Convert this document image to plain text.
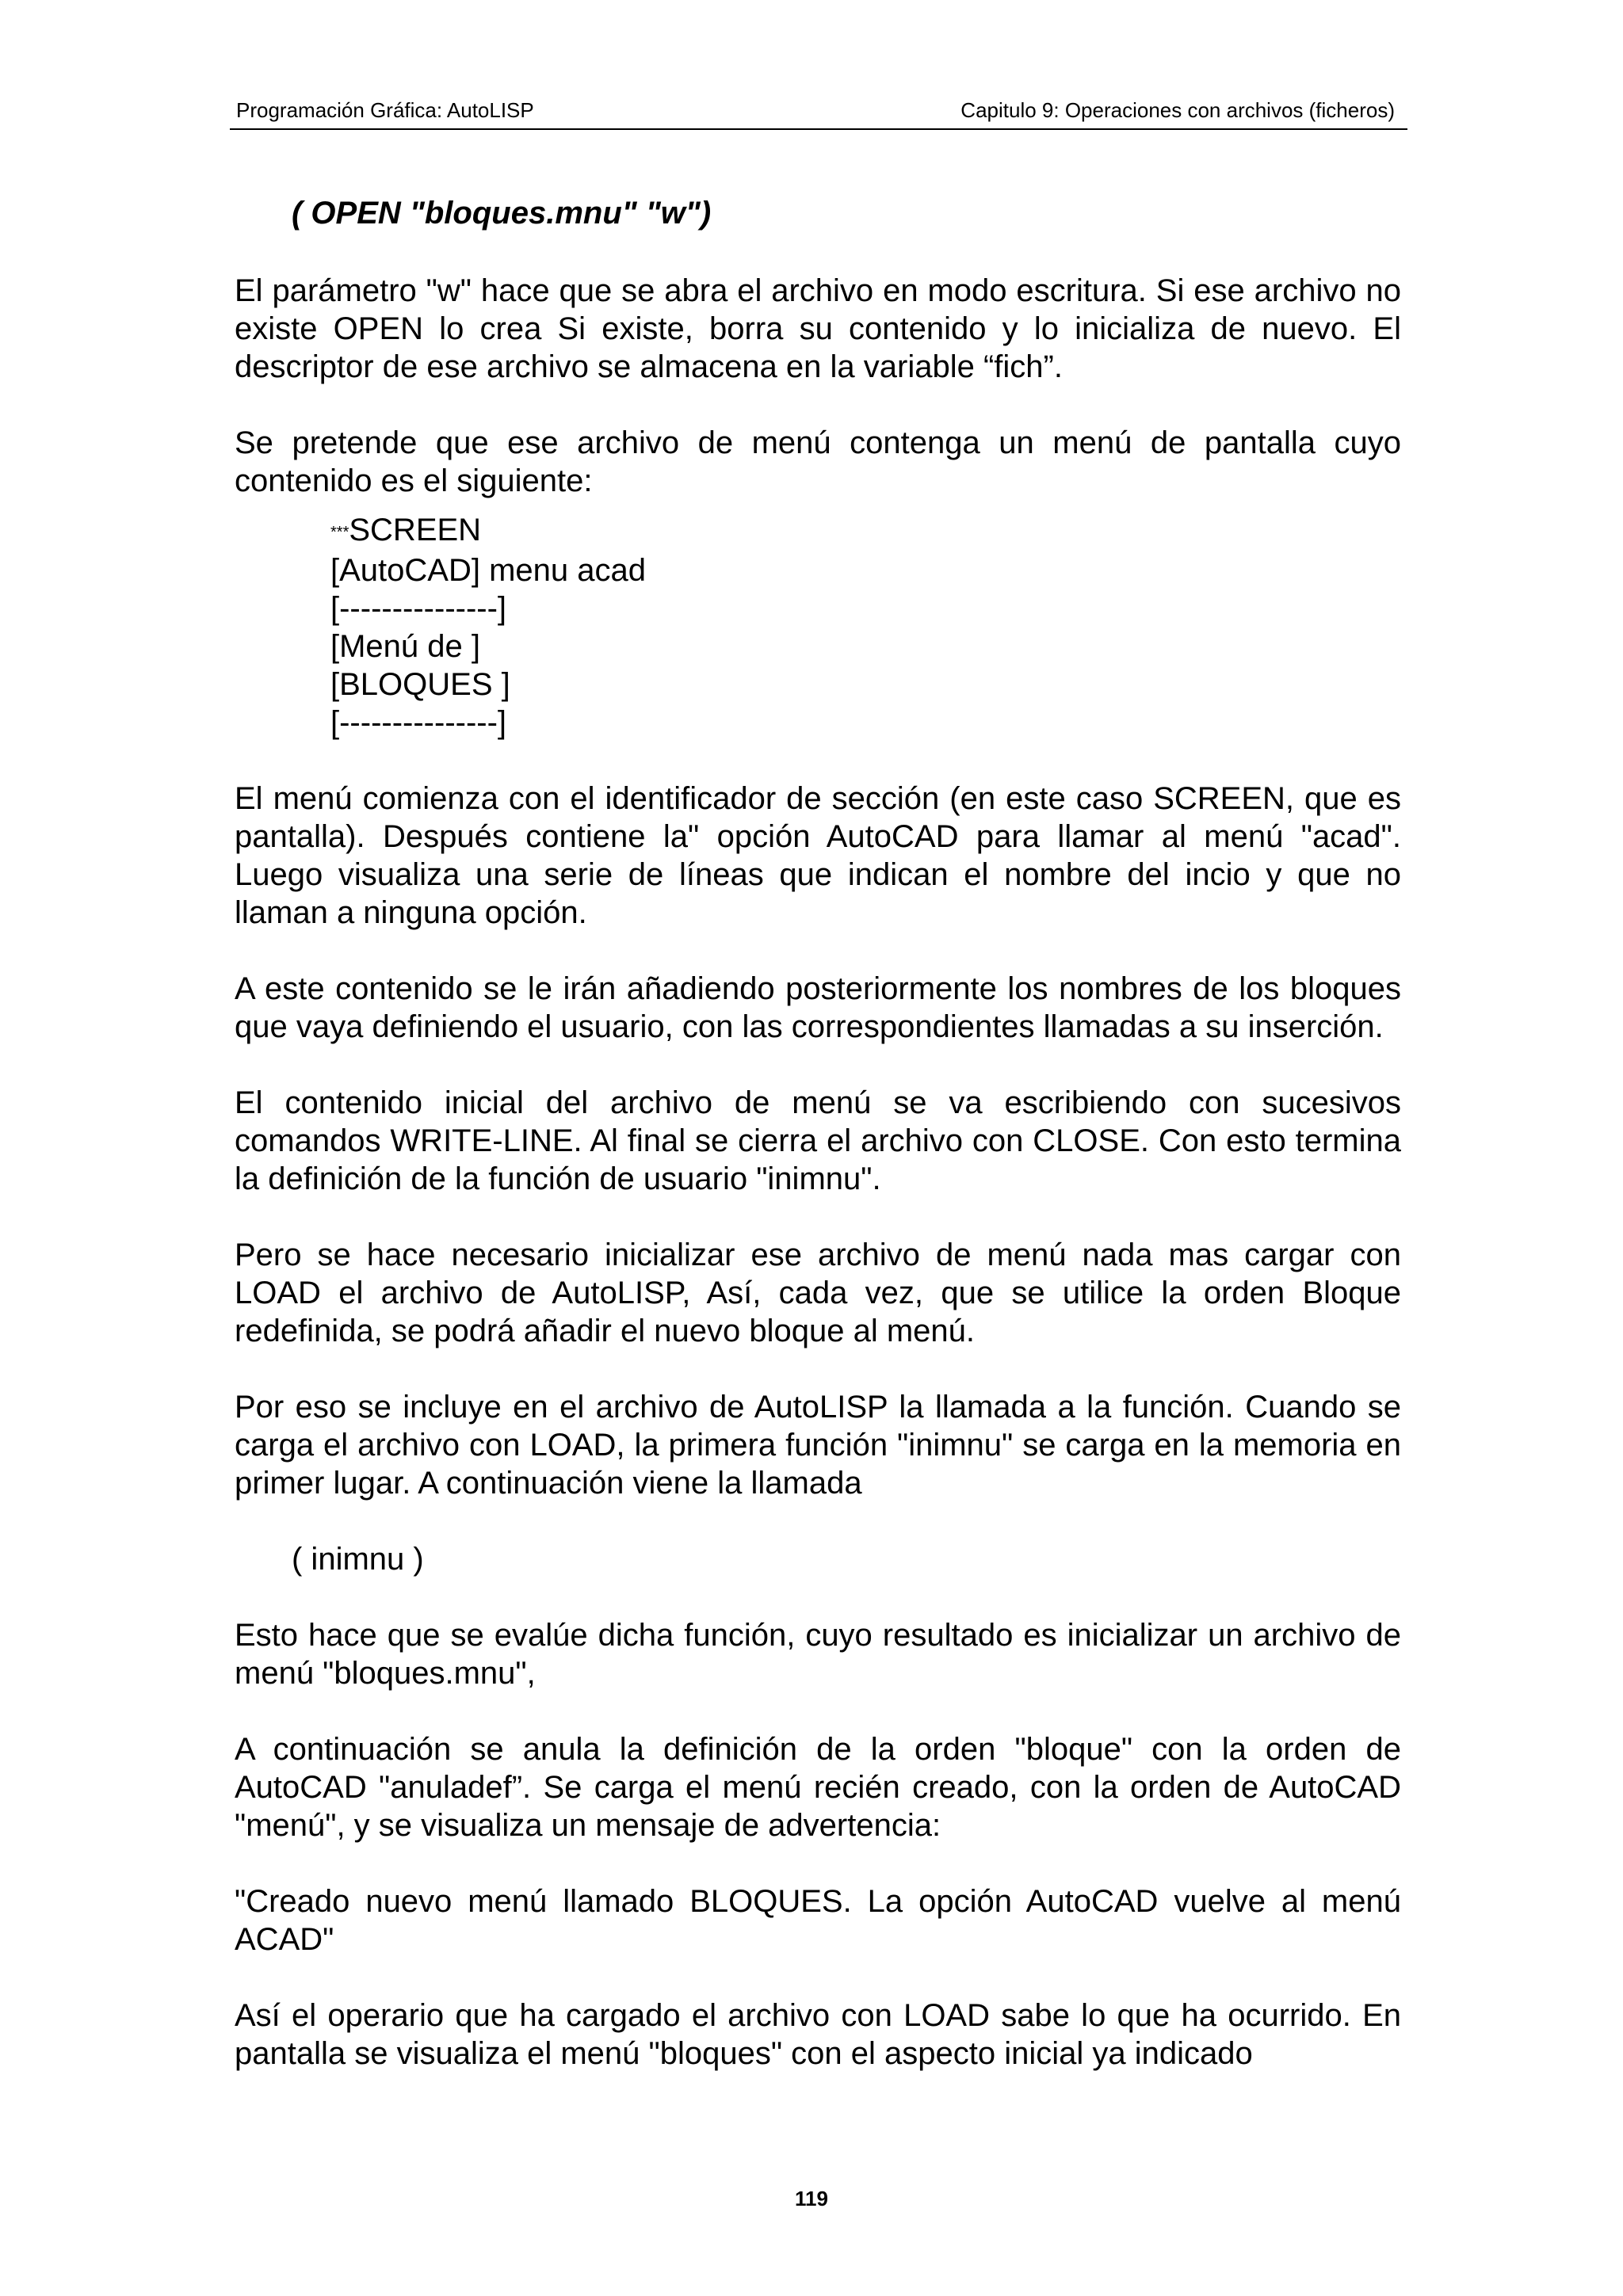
Programación Gráfica: AutoLISP	Capitulo 9: Operaciones con archivos (ficheros)
( OPEN "bloques.mnu" "w")

El parámetro "w" hace que se abra el archivo en modo escritura. Si ese archivo no existe OPEN lo crea Si existe, borra su contenido y lo inicializa de nuevo. El descriptor de ese archivo se almacena en la variable “fich”.

Se pretende que ese archivo de menú contenga un menú de pantalla cuyo contenido es el siguiente:

***SCREEN
[AutoCAD] menu acad
[---------------]
[Menú de ]
[BLOQUES ]
[---------------]

El menú comienza con el identificador de sección (en este caso SCREEN, que es pantalla). Después contiene la" opción AutoCAD para llamar al menú "acad". Luego visualiza una serie de líneas que indican el nombre del incio y que no llaman a ninguna opción.

A este contenido se le irán añadiendo posteriormente los nombres de los bloques que vaya definiendo el usuario, con las correspondientes llamadas a su inserción.

El contenido inicial del archivo de menú se va escribiendo con sucesivos comandos WRITE-LINE. Al final se cierra el archivo con CLOSE. Con esto termina la definición de la función de usuario "inimnu".

Pero se hace necesario inicializar ese archivo de menú nada mas cargar con LOAD el archivo de AutoLISP, Así, cada vez, que se utilice la orden Bloque redefinida, se podrá añadir el nuevo bloque al menú.

Por eso se incluye en el archivo de AutoLISP la llamada a la función. Cuando se carga el archivo con LOAD, la primera función "inimnu" se carga en la memoria en primer lugar. A continuación viene la llamada

( inimnu )

Esto hace que se evalúe dicha función, cuyo resultado es inicializar un archivo de menú "bloques.mnu",

A continuación se anula la definición de la orden "bloque" con la orden de AutoCAD "anuladef”. Se carga el menú recién creado, con la orden de AutoCAD "menú", y se visualiza un mensaje de advertencia:

"Creado nuevo menú llamado BLOQUES. La opción AutoCAD vuelve al menú ACAD"

Así el operario que ha cargado el archivo con LOAD sabe lo que ha ocurrido. En pantalla se visualiza el menú "bloques" con el aspecto inicial ya indicado

119
